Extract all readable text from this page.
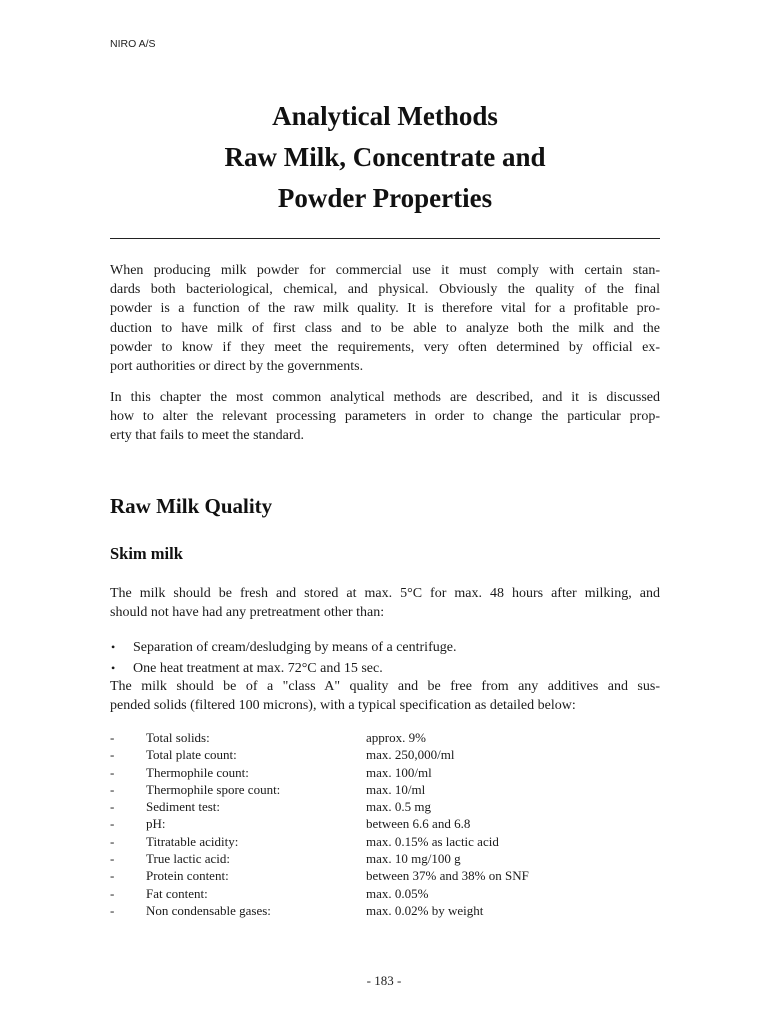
NIRO A/S
Analytical Methods
Raw Milk, Concentrate and
Powder Properties
When producing milk powder for commercial use it must comply with certain stan-
dards both bacteriological, chemical, and physical. Obviously the quality of the final
powder is a function of the raw milk quality. It is therefore vital for a profitable pro-
duction to have milk of first class and to be able to analyze both the milk and the
powder to know if they meet the requirements, very often determined by official ex-
port authorities or direct by the governments.
In this chapter the most common analytical methods are described, and it is discussed
how to alter the relevant processing parameters in order to change the particular prop-
erty that fails to meet the standard.
Raw Milk Quality
Skim milk
The milk should be fresh and stored at max. 5°C for max. 48 hours after milking, and
should not have had any pretreatment other than:
•	Separation of cream/desludging by means of a centrifuge.
•	One heat treatment at max. 72°C and 15 sec.
The milk should be of a "class A" quality and be free from any additives and sus-
pended solids (filtered 100 microns), with a typical specification as detailed below:
-	Total solids:	approx. 9%
-	Total plate count:	max. 250,000/ml
-	Thermophile count:	max. 100/ml
-	Thermophile spore count:	max. 10/ml
-	Sediment test:	max. 0.5 mg
-	pH:	between 6.6 and 6.8
-	Titratable acidity:	max. 0.15% as lactic acid
-	True lactic acid:	max. 10 mg/100 g
-	Protein content:	between 37% and 38% on SNF
-	Fat content:	max. 0.05%
-	Non condensable gases:	max. 0.02% by weight
- 183 -
